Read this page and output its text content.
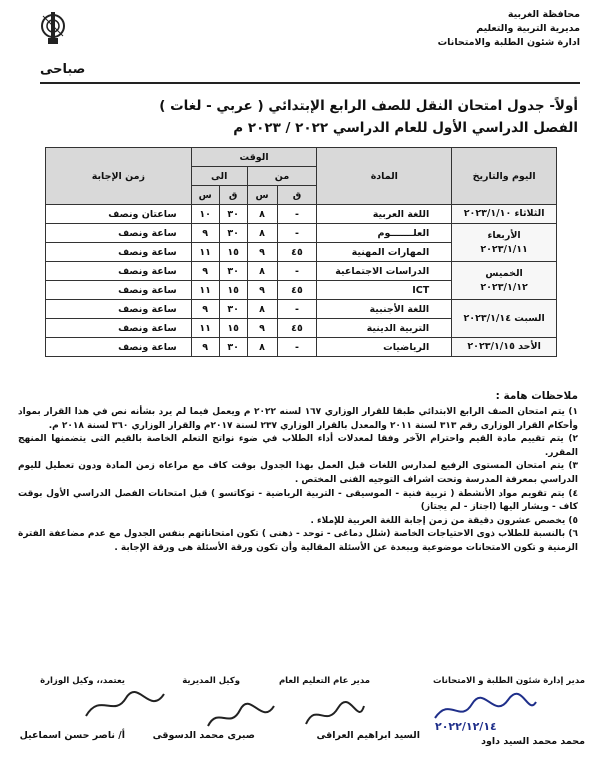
محافظة الغربية
مديرية التربية والتعليم
ادارة شئون الطلبة والامتحانات
صباحى
أولاً- جدول امتحان النقل للصف الرابع الإبتدائي ( عربي - لغات )
الفصل الدراسي الأول للعام الدراسي ٢٠٢٢ / ٢٠٢٣ م
اليوم والتاريخ	المادة	الوقت				زمن الإجابة
		من		الى		
		ق	س	ق	س	
الثلاثاء ٢٠٢٣/١/١٠	اللغة العربية	-	٨	٣٠	١٠	ساعتان ونصف

الأربعاء
٢٠٢٣/١/١١	العلـــــــوم	-	٨	٣٠	٩	ساعة ونصف
	المهارات المهنية	٤٥	٩	١٥	١١	ساعة ونصف

الخميس
٢٠٢٣/١/١٢	الدراسات الاجتماعية	-	٨	٣٠	٩	ساعة ونصف
	ICT	٤٥	٩	١٥	١١	ساعة ونصف
السبت ٢٠٢٣/١/١٤	اللغة الأجنبية	-	٨	٣٠	٩	ساعة ونصف
	التربية الدينية	٤٥	٩	١٥	١١	ساعة ونصف
الأحد ٢٠٢٣/١/١٥	الرياضيات	-	٨	٣٠	٩	ساعة ونصف
ملاحظات هامة :

١) يتم امتحان الصف الرابع الابتدائي طبقا للقرار الوزاري ١٦٧ لسنه ٢٠٢٢ م ويعمل فيما لم يرد بشأنه نص في هذا القرار بمواد وأحكام القرار الوزارى رقم ٣١٣ لسنة ٢٠١١ والمعدل بالقرار الوزاري ٢٣٧ لسنة ٢٠١٧م والقرار الوزاري ٣٦٠ لسنة ٢٠١٨ م.

٢) يتم تقييم مادة القيم واحترام الآخر وفقا لمعدلات أداء الطلاب في ضوء نواتج التعلم الخاصة بالقيم التى يتضمنها المنهج المقرر.

٣) يتم امتحان المستوى الرفيع لمدارس اللغات قبل العمل بهذا الجدول بوقت كاف مع مراعاه زمن المادة ودون تعطيل لليوم الدراسي بمعرفة المدرسة وتحت اشراف التوجيه الفنى المختص .

٤) يتم تقويم مواد الأنشطة ( تربية فنية - الموسيقى - التربية الرياضية - توكاتسو ) قبل امتحانات الفصل الدراسي الأول بوقت كاف - ويشار اليها (اجتاز - لم يجتاز)

٥) يخصص عشرون دقيقة من زمن إجابة اللغة العربية للإملاء .

٦) بالنسبة للطلاب ذوى الاحتياجات الخاصة (شلل دماغى - توحد - ذهنى ) تكون امتحاناتهم بنفس الجدول مع عدم مضاعفة الفترة الزمنية و تكون الامتحانات موضوعية ويبعدة عن الأسئلة المقالية وأن تكون ورقة الأسئلة هى ورقة الإجابة .

مدير إدارة شئون الطلبة و الامتحانات
مدير عام التعليم العام
وكيل المديرية
يعتمد،، وكيل الوزارة
٢٠٢٢/١٢/١٤
محمد محمد السيد داود
السيد ابراهيم العراقى
صبرى محمد الدسوقى
أ/ ناصر حسن اسماعيل
